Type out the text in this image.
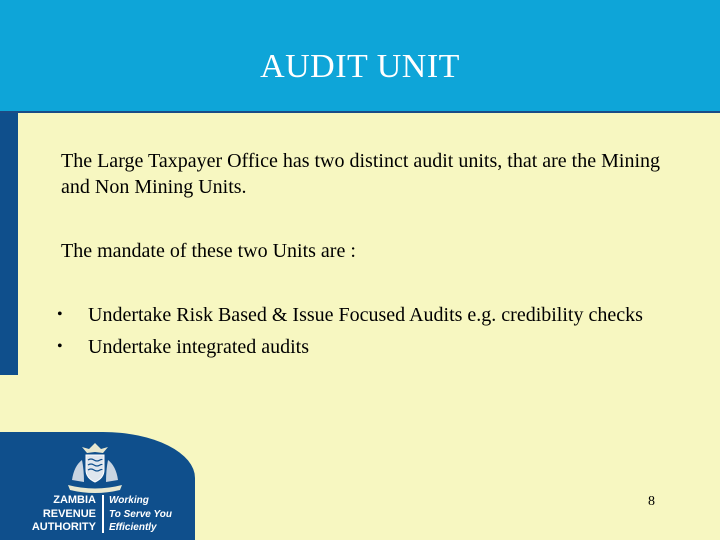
AUDIT UNIT
The Large Taxpayer Office has two distinct audit units, that are the Mining and Non Mining Units.
The mandate of these two Units are :
• Undertake Risk Based & Issue Focused Audits e.g. credibility checks
• Undertake integrated audits
ZAMBIA
REVENUE
AUTHORITY
Working
To Serve You
Efficiently
8
